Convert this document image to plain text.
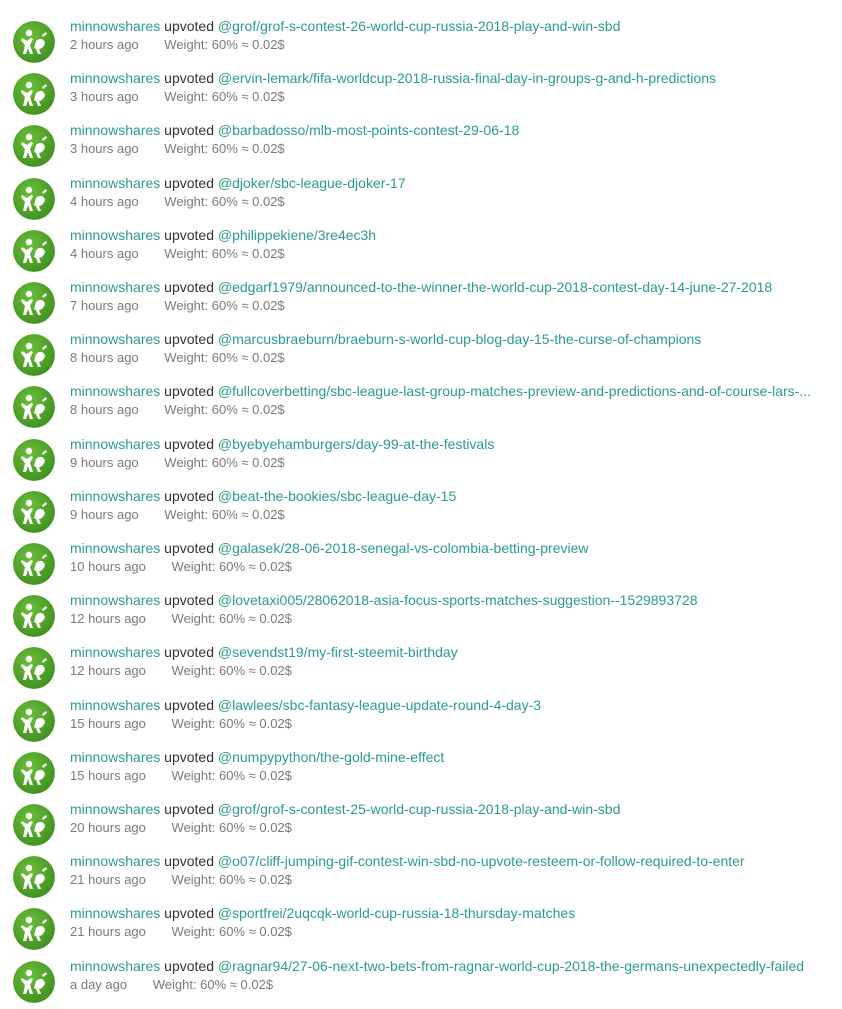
minnowshares upvoted @grof/grof-s-contest-26-world-cup-russia-2018-play-and-win-sbd
2 hours ago Weight: 60% ≈ 0.02$
minnowshares upvoted @ervin-lemark/fifa-worldcup-2018-russia-final-day-in-groups-g-and-h-predictions
3 hours ago Weight: 60% ≈ 0.02$
minnowshares upvoted @barbadosso/mlb-most-points-contest-29-06-18
3 hours ago Weight: 60% ≈ 0.02$
minnowshares upvoted @djoker/sbc-league-djoker-17
4 hours ago Weight: 60% ≈ 0.02$
minnowshares upvoted @philippekiene/3re4ec3h
4 hours ago Weight: 60% ≈ 0.02$
minnowshares upvoted @edgarf1979/announced-to-the-winner-the-world-cup-2018-contest-day-14-june-27-2018
7 hours ago Weight: 60% ≈ 0.02$
minnowshares upvoted @marcusbraeburn/braeburn-s-world-cup-blog-day-15-the-curse-of-champions
8 hours ago Weight: 60% ≈ 0.02$
minnowshares upvoted @fullcoverbetting/sbc-league-last-group-matches-preview-and-predictions-and-of-course-lars-...
8 hours ago Weight: 60% ≈ 0.02$
minnowshares upvoted @byebyehamburgers/day-99-at-the-festivals
9 hours ago Weight: 60% ≈ 0.02$
minnowshares upvoted @beat-the-bookies/sbc-league-day-15
9 hours ago Weight: 60% ≈ 0.02$
minnowshares upvoted @galasek/28-06-2018-senegal-vs-colombia-betting-preview
10 hours ago Weight: 60% ≈ 0.02$
minnowshares upvoted @lovetaxi005/28062018-asia-focus-sports-matches-suggestion--1529893728
12 hours ago Weight: 60% ≈ 0.02$
minnowshares upvoted @sevendst19/my-first-steemit-birthday
12 hours ago Weight: 60% ≈ 0.02$
minnowshares upvoted @lawlees/sbc-fantasy-league-update-round-4-day-3
15 hours ago Weight: 60% ≈ 0.02$
minnowshares upvoted @numpypython/the-gold-mine-effect
15 hours ago Weight: 60% ≈ 0.02$
minnowshares upvoted @grof/grof-s-contest-25-world-cup-russia-2018-play-and-win-sbd
20 hours ago Weight: 60% ≈ 0.02$
minnowshares upvoted @o07/cliff-jumping-gif-contest-win-sbd-no-upvote-resteem-or-follow-required-to-enter
21 hours ago Weight: 60% ≈ 0.02$
minnowshares upvoted @sportfrei/2uqcqk-world-cup-russia-18-thursday-matches
21 hours ago Weight: 60% ≈ 0.02$
minnowshares upvoted @ragnar94/27-06-next-two-bets-from-ragnar-world-cup-2018-the-germans-unexpectedly-failed
a day ago Weight: 60% ≈ 0.02$
